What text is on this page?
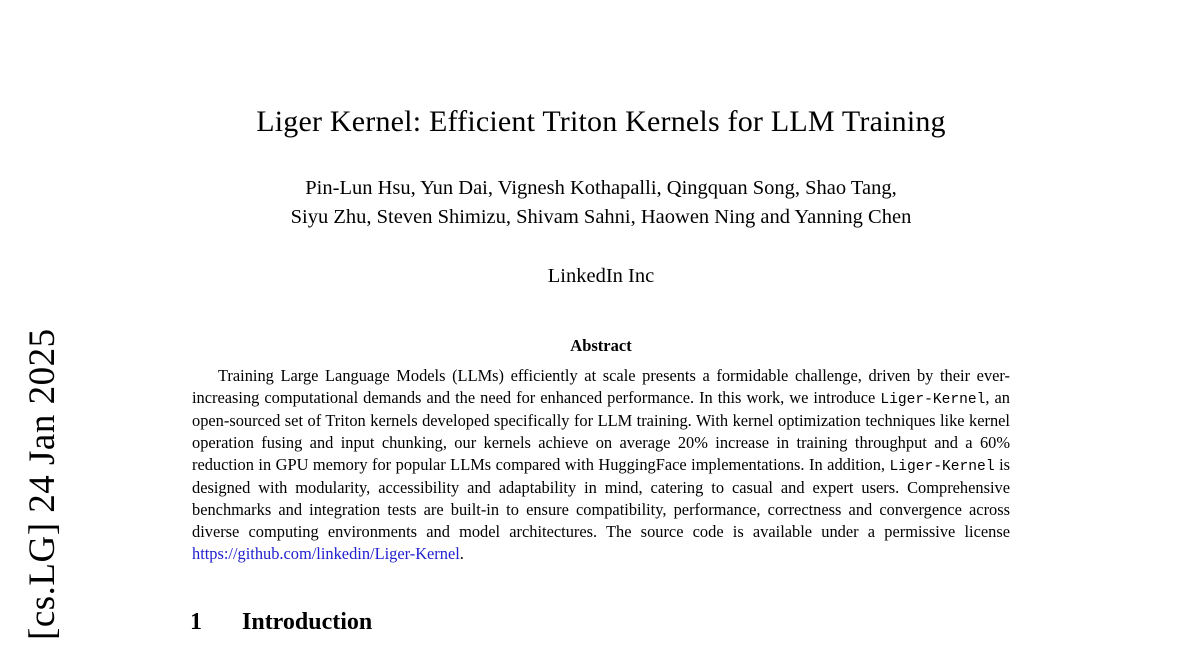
[cs.LG] 24 Jan 2025
Liger Kernel: Efficient Triton Kernels for LLM Training
Pin-Lun Hsu, Yun Dai, Vignesh Kothapalli, Qingquan Song, Shao Tang,
Siyu Zhu, Steven Shimizu, Shivam Sahni, Haowen Ning and Yanning Chen
LinkedIn Inc
Abstract

Training Large Language Models (LLMs) efficiently at scale presents a formidable challenge, driven by their ever-increasing computational demands and the need for enhanced performance. In this work, we introduce Liger-Kernel, an open-sourced set of Triton kernels developed specifically for LLM training. With kernel optimization techniques like kernel operation fusing and input chunking, our kernels achieve on average 20% increase in training throughput and a 60% reduction in GPU memory for popular LLMs compared with HuggingFace implementations. In addition, Liger-Kernel is designed with modularity, accessibility and adaptability in mind, catering to casual and expert users. Comprehensive benchmarks and integration tests are built-in to ensure compatibility, performance, correctness and convergence across diverse computing environments and model architectures. The source code is available under a permissive license https://github.com/linkedin/Liger-Kernel.

1	Introduction
